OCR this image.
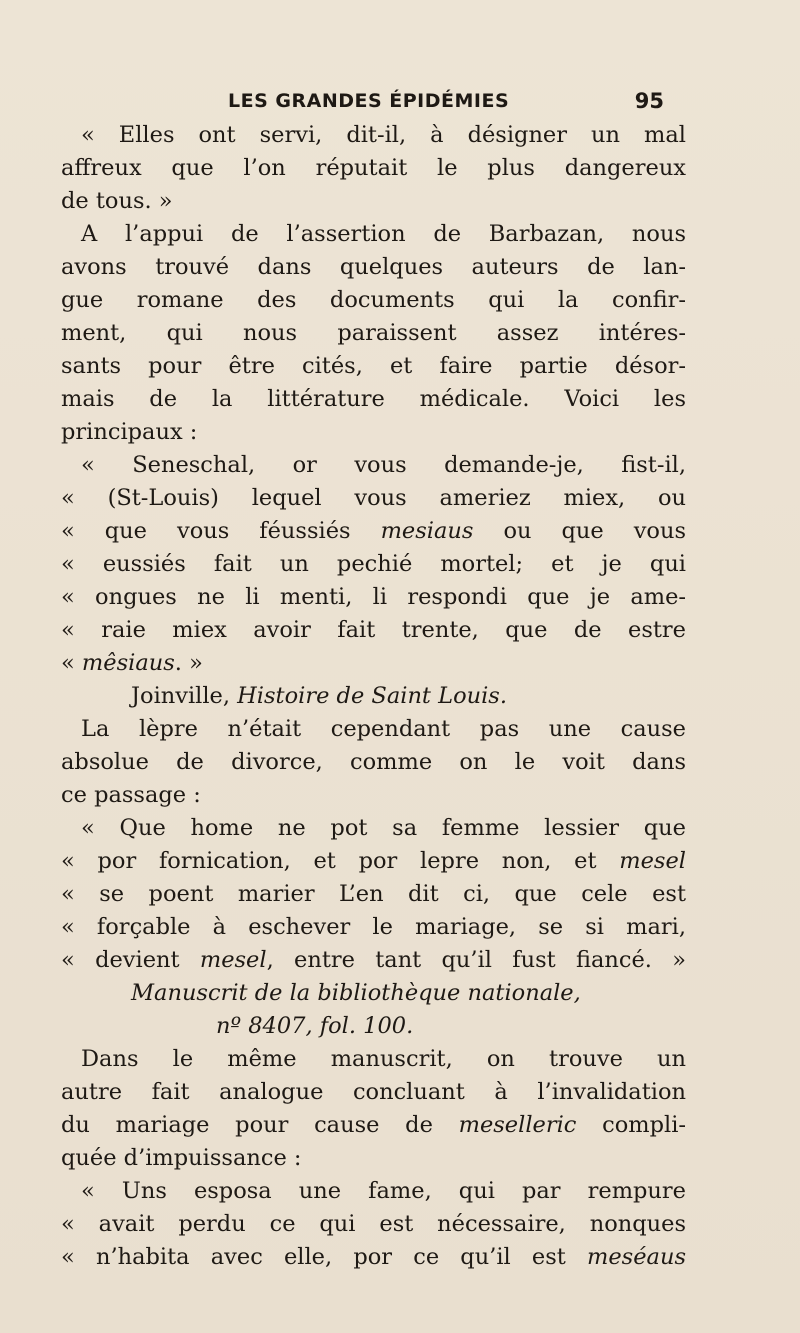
LES GRANDES ÉPIDÉMIES	95
« Elles ont servi, dit-il, à désigner un mal
affreux que l’on réputait le plus dangereux
de tous. »
A l’appui de l’assertion de Barbazan, nous
avons trouvé dans quelques auteurs de lan-
gue romane des documents qui la confir-
ment, qui nous paraissent assez intéres-
sants pour être cités, et faire partie désor-
mais de la littérature médicale. Voici les
principaux :
« Seneschal, or vous demande-je, fist-il,
« (St-Louis) lequel vous ameriez miex, ou
« que vous féussiés mesiaus ou que vous
« eussiés fait un pechié mortel; et je qui
« ongues ne li menti, li respondi que je ame-
« raie miex avoir fait trente, que de estre
« mêsiaus. »
Joinville, Histoire de Saint Louis.
La lèpre n’était cependant pas une cause
absolue de divorce, comme on le voit dans
ce passage :
« Que home ne pot sa femme lessier que
« por fornication, et por lepre non, et mesel
« se poent marier L’en dit ci, que cele est
« forçable à eschever le mariage, se si mari,
« devient mesel, entre tant qu’il fust fiancé. »
Manuscrit de la bibliothèque nationale,
nº 8407, fol. 100.
Dans le même manuscrit, on trouve un
autre fait analogue concluant à l’invalidation
du mariage pour cause de meselleric compli-
quée d’impuissance :
« Uns esposa une fame, qui par rempure
« avait perdu ce qui est nécessaire, nonques
« n’habita avec elle, por ce qu’il est meséaus
